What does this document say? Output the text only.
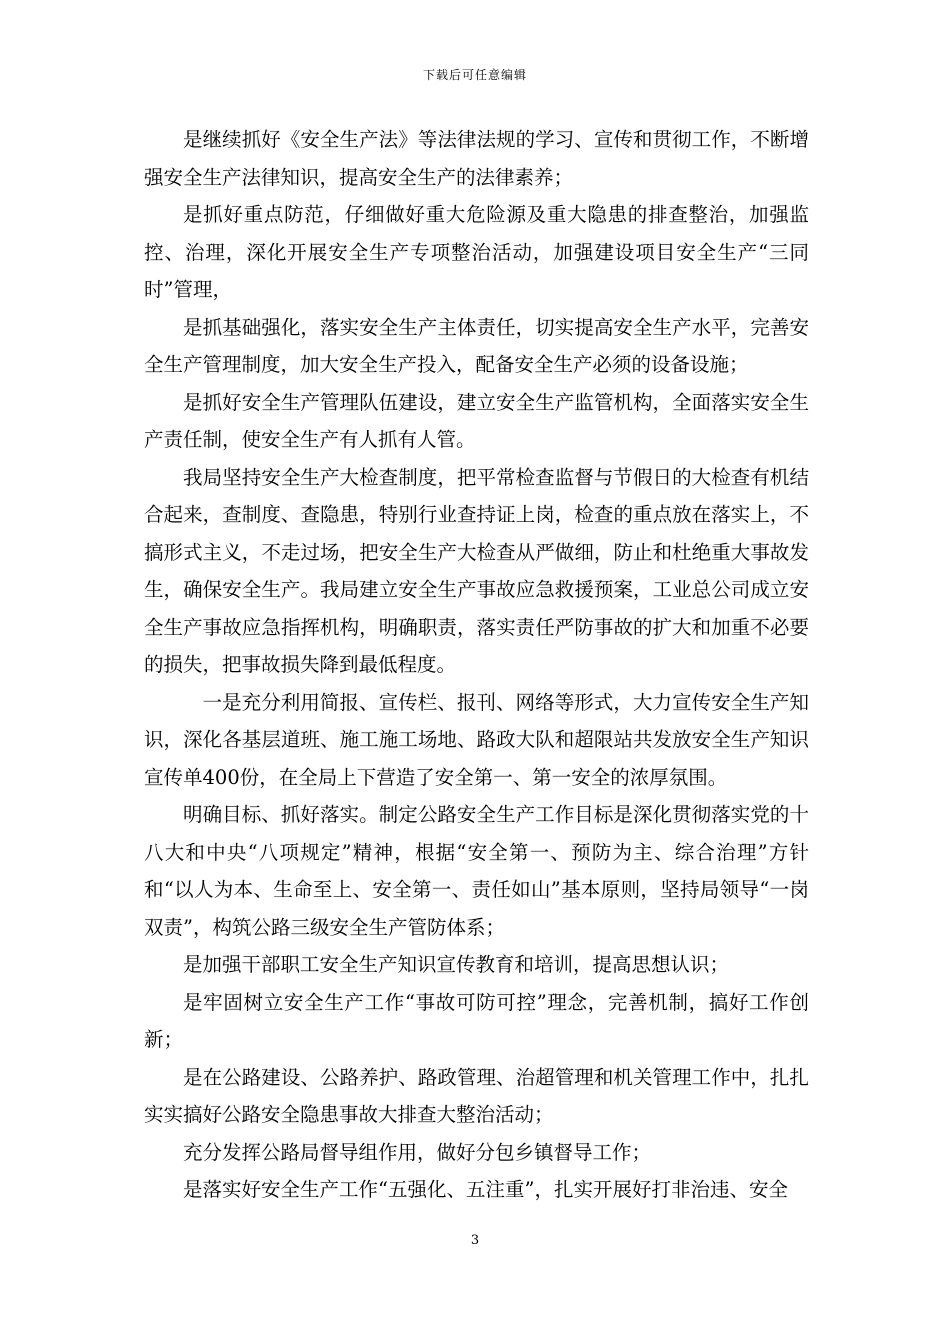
下载后可任意编辑

是继续抓好《安全生产法》等法律法规的学习、宣传和贯彻工作，不断增强安全生产法律知识，提高安全生产的法律素养；

是抓好重点防范，仔细做好重大危险源及重大隐患的排查整治，加强监控、治理，深化开展安全生产专项整治活动，加强建设项目安全生产“三同时”管理，

是抓基础强化，落实安全生产主体责任，切实提高安全生产水平，完善安全生产管理制度，加大安全生产投入，配备安全生产必须的设备设施；

是抓好安全生产管理队伍建设，建立安全生产监管机构，全面落实安全生产责任制，使安全生产有人抓有人管。

我局坚持安全生产大检查制度，把平常检查监督与节假日的大检查有机结合起来，查制度、查隐患，特别行业查持证上岗，检查的重点放在落实上，不搞形式主义，不走过场，把安全生产大检查从严做细，防止和杜绝重大事故发生，确保安全生产。我局建立安全生产事故应急救援预案，工业总公司成立安全生产事故应急指挥机构，明确职责，落实责任严防事故的扩大和加重不必要的损失，把事故损失降到最低程度。

一是充分利用简报、宣传栏、报刊、网络等形式，大力宣传安全生产知识，深化各基层道班、施工施工场地、路政大队和超限站共发放安全生产知识宣传单400份，在全局上下营造了安全第一、第一安全的浓厚氛围。

明确目标、抓好落实。制定公路安全生产工作目标是深化贯彻落实党的十八大和中央“八项规定”精神，根据“安全第一、预防为主、综合治理”方针和“以人为本、生命至上、安全第一、责任如山”基本原则，坚持局领导“一岗双责”，构筑公路三级安全生产管防体系；

是加强干部职工安全生产知识宣传教育和培训，提高思想认识；

是牢固树立安全生产工作“事故可防可控”理念，完善机制，搞好工作创新；

是在公路建设、公路养护、路政管理、治超管理和机关管理工作中，扎扎实实搞好公路安全隐患事故大排查大整治活动；

充分发挥公路局督导组作用，做好分包乡镇督导工作；

是落实好安全生产工作“五强化、五注重”，扎实开展好打非治违、安全

3
